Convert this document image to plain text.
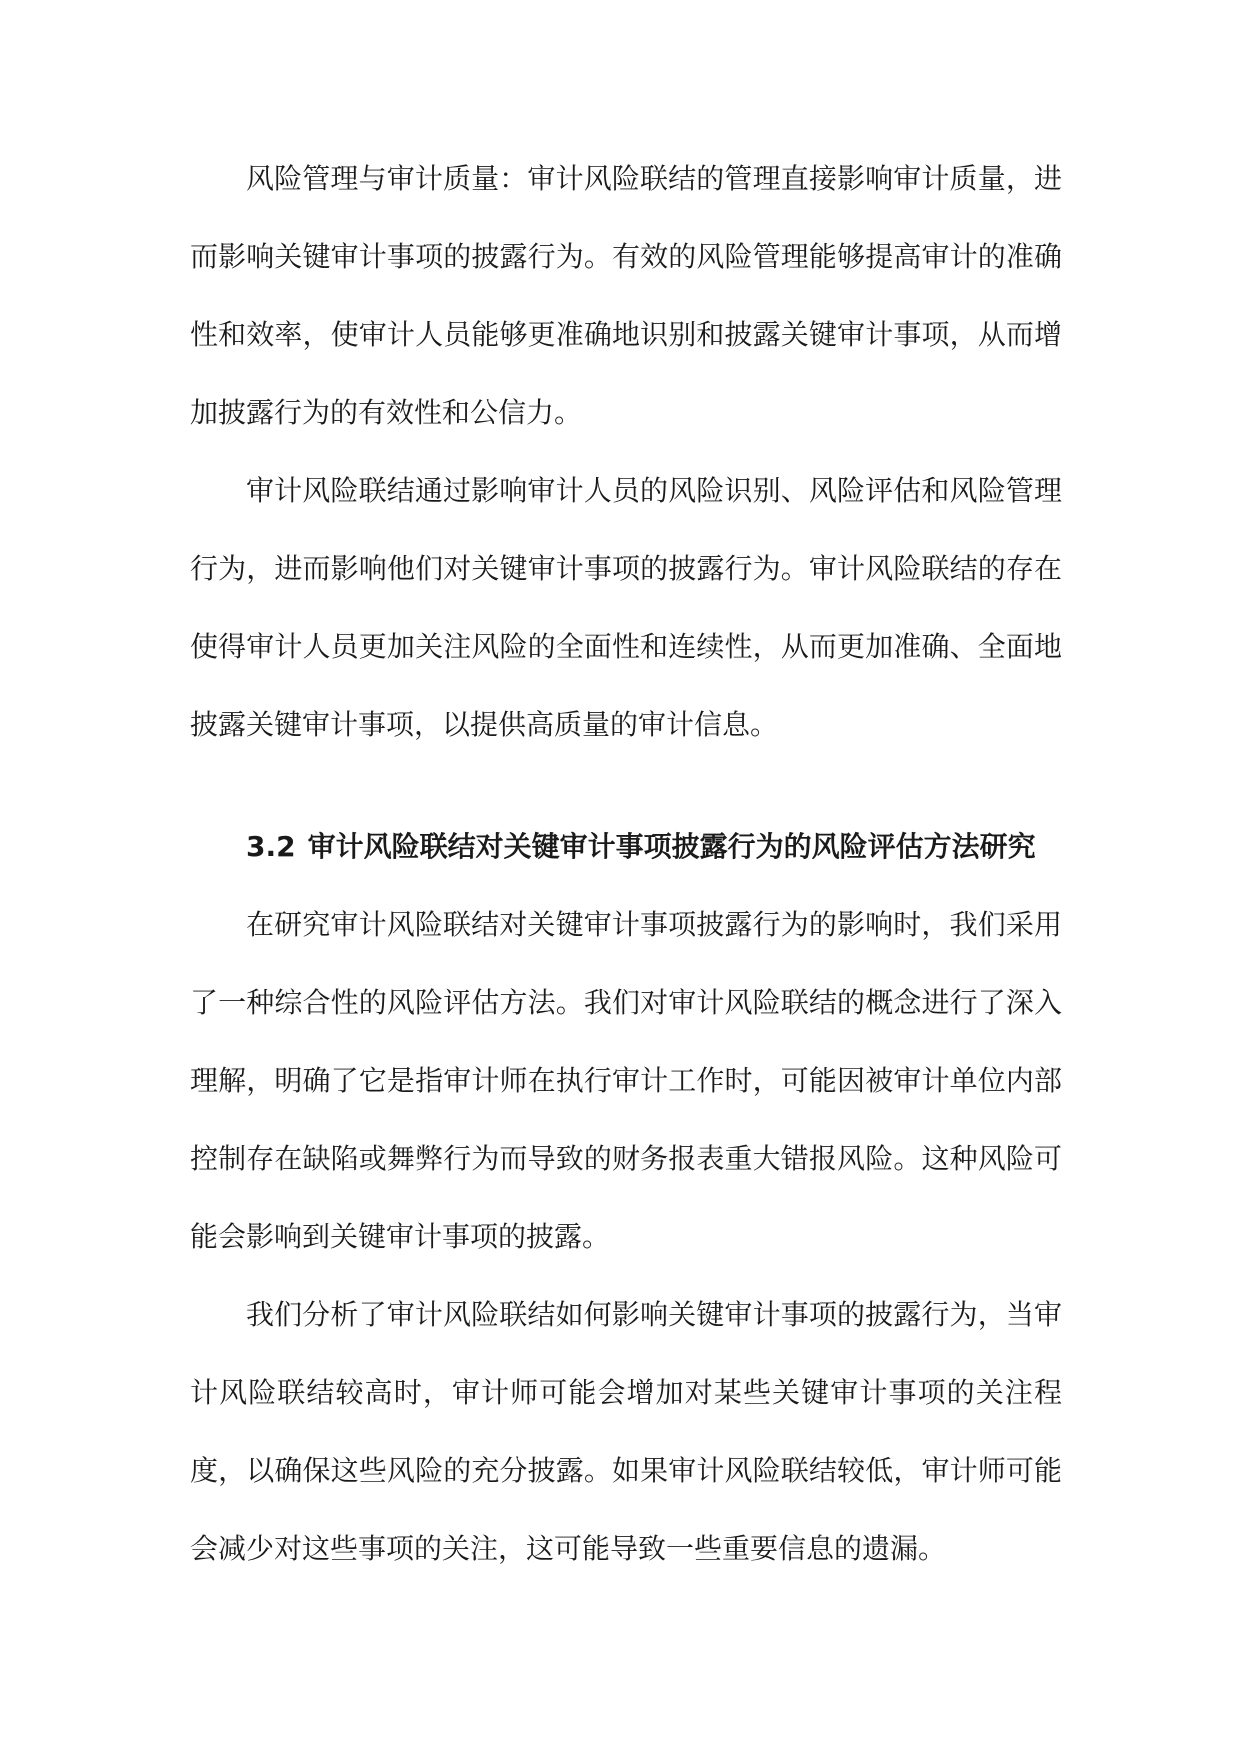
风险管理与审计质量：审计风险联结的管理直接影响审计质量，进而影响关键审计事项的披露行为。有效的风险管理能够提高审计的准确性和效率，使审计人员能够更准确地识别和披露关键审计事项，从而增加披露行为的有效性和公信力。

审计风险联结通过影响审计人员的风险识别、风险评估和风险管理行为，进而影响他们对关键审计事项的披露行为。审计风险联结的存在使得审计人员更加关注风险的全面性和连续性，从而更加准确、全面地披露关键审计事项，以提供高质量的审计信息。

3.2 审计风险联结对关键审计事项披露行为的风险评估方法研究

在研究审计风险联结对关键审计事项披露行为的影响时，我们采用了一种综合性的风险评估方法。我们对审计风险联结的概念进行了深入理解，明确了它是指审计师在执行审计工作时，可能因被审计单位内部控制存在缺陷或舞弊行为而导致的财务报表重大错报风险。这种风险可能会影响到关键审计事项的披露。

我们分析了审计风险联结如何影响关键审计事项的披露行为，当审计风险联结较高时，审计师可能会增加对某些关键审计事项的关注程度，以确保这些风险的充分披露。如果审计风险联结较低，审计师可能会减少对这些事项的关注，这可能导致一些重要信息的遗漏。
